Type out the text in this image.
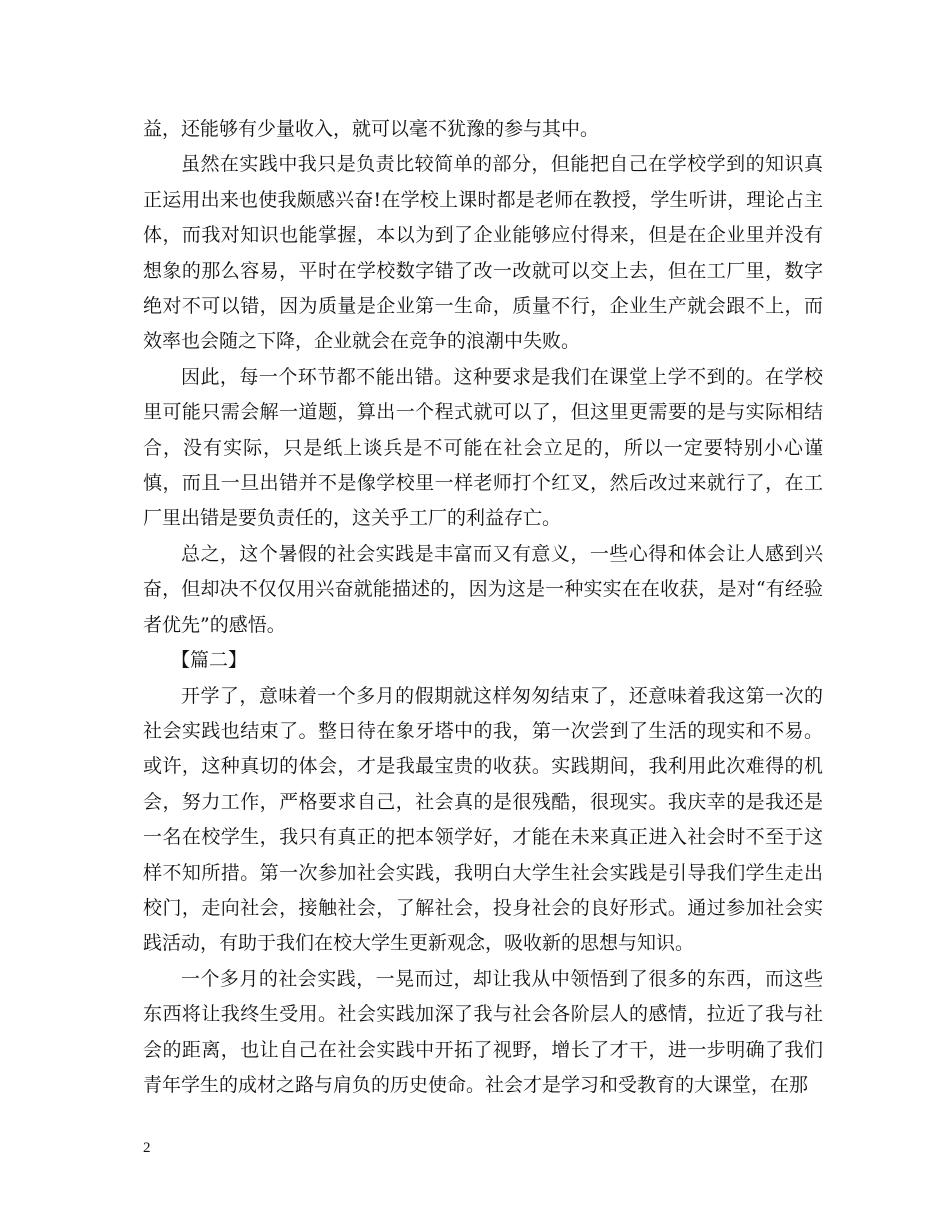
益，还能够有少量收入，就可以毫不犹豫的参与其中。

虽然在实践中我只是负责比较简单的部分，但能把自己在学校学到的知识真正运用出来也使我颇感兴奋!在学校上课时都是老师在教授，学生听讲，理论占主体，而我对知识也能掌握，本以为到了企业能够应付得来，但是在企业里并没有想象的那么容易，平时在学校数字错了改一改就可以交上去，但在工厂里，数字绝对不可以错，因为质量是企业第一生命，质量不行，企业生产就会跟不上，而效率也会随之下降，企业就会在竞争的浪潮中失败。

因此，每一个环节都不能出错。这种要求是我们在课堂上学不到的。在学校里可能只需会解一道题，算出一个程式就可以了，但这里更需要的是与实际相结合，没有实际，只是纸上谈兵是不可能在社会立足的，所以一定要特别小心谨慎，而且一旦出错并不是像学校里一样老师打个红叉，然后改过来就行了，在工厂里出错是要负责任的，这关乎工厂的利益存亡。

总之，这个暑假的社会实践是丰富而又有意义，一些心得和体会让人感到兴奋，但却决不仅仅用兴奋就能描述的，因为这是一种实实在在收获，是对“有经验者优先”的感悟。

【篇二】

开学了，意味着一个多月的假期就这样匆匆结束了，还意味着我这第一次的社会实践也结束了。整日待在象牙塔中的我，第一次尝到了生活的现实和不易。或许，这种真切的体会，才是我最宝贵的收获。实践期间，我利用此次难得的机会，努力工作，严格要求自己，社会真的是很残酷，很现实。我庆幸的是我还是一名在校学生，我只有真正的把本领学好，才能在未来真正进入社会时不至于这样不知所措。第一次参加社会实践，我明白大学生社会实践是引导我们学生走出校门，走向社会，接触社会，了解社会，投身社会的良好形式。通过参加社会实践活动，有助于我们在校大学生更新观念，吸收新的思想与知识。

一个多月的社会实践，一晃而过，却让我从中领悟到了很多的东西，而这些东西将让我终生受用。社会实践加深了我与社会各阶层人的感情，拉近了我与社会的距离，也让自己在社会实践中开拓了视野，增长了才干，进一步明确了我们青年学生的成材之路与肩负的历史使命。社会才是学习和受教育的大课堂，在那

2
